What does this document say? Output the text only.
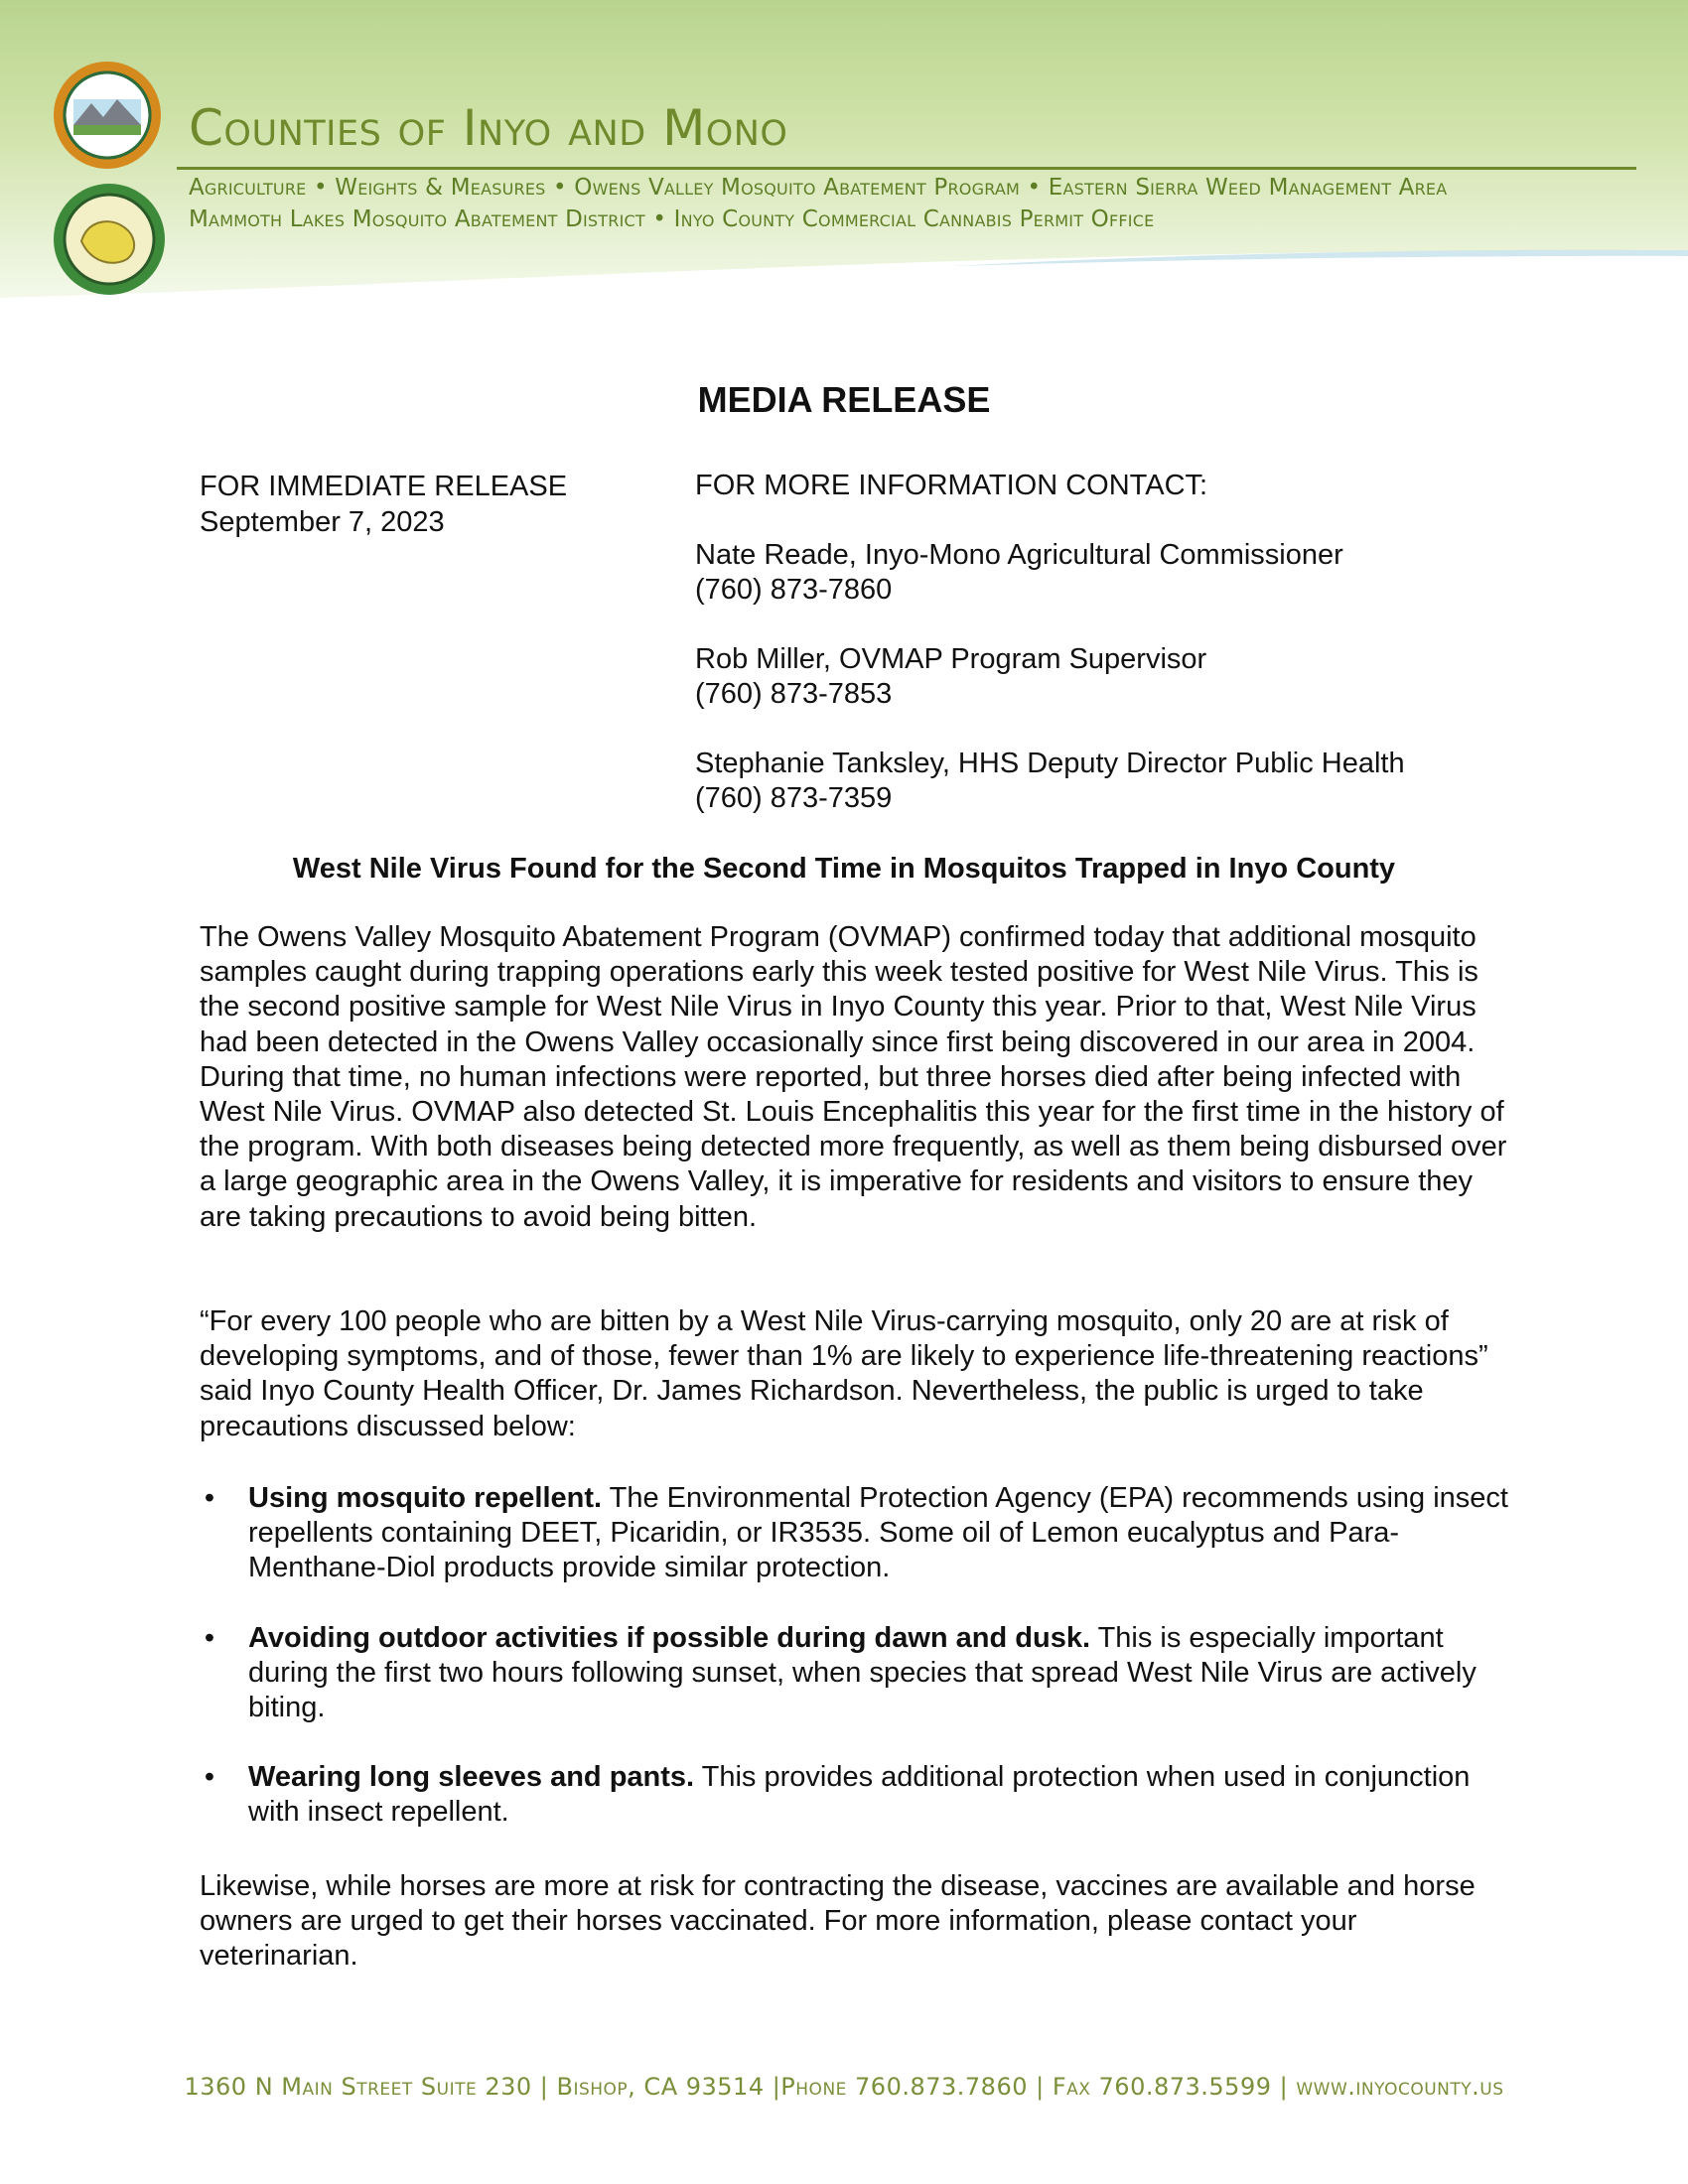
Counties of Inyo and Mono
Agriculture • Weights & Measures • Owens Valley Mosquito Abatement Program • Eastern Sierra Weed Management Area
Mammoth Lakes Mosquito Abatement District • Inyo County Commercial Cannabis Permit Office
MEDIA RELEASE
FOR IMMEDIATE RELEASE
September 7, 2023
FOR MORE INFORMATION CONTACT:
Nate Reade, Inyo-Mono Agricultural Commissioner
(760) 873-7860
Rob Miller, OVMAP Program Supervisor
(760) 873-7853
Stephanie Tanksley, HHS Deputy Director Public Health
(760) 873-7359
West Nile Virus Found for the Second Time in Mosquitos Trapped in Inyo County
The Owens Valley Mosquito Abatement Program (OVMAP) confirmed today that additional mosquito samples caught during trapping operations early this week tested positive for West Nile Virus. This is the second positive sample for West Nile Virus in Inyo County this year. Prior to that, West Nile Virus had been detected in the Owens Valley occasionally since first being discovered in our area in 2004. During that time, no human infections were reported, but three horses died after being infected with West Nile Virus. OVMAP also detected St. Louis Encephalitis this year for the first time in the history of the program. With both diseases being detected more frequently, as well as them being disbursed over a large geographic area in the Owens Valley, it is imperative for residents and visitors to ensure they are taking precautions to avoid being bitten.
“For every 100 people who are bitten by a West Nile Virus-carrying mosquito, only 20 are at risk of developing symptoms, and of those, fewer than 1% are likely to experience life-threatening reactions” said Inyo County Health Officer, Dr. James Richardson. Nevertheless, the public is urged to take precautions discussed below:
• Using mosquito repellent. The Environmental Protection Agency (EPA) recommends using insect repellents containing DEET, Picaridin, or IR3535. Some oil of Lemon eucalyptus and Para-Menthane-Diol products provide similar protection.
• Avoiding outdoor activities if possible during dawn and dusk. This is especially important during the first two hours following sunset, when species that spread West Nile Virus are actively biting.
• Wearing long sleeves and pants. This provides additional protection when used in conjunction with insect repellent.
Likewise, while horses are more at risk for contracting the disease, vaccines are available and horse owners are urged to get their horses vaccinated. For more information, please contact your veterinarian.
1360 N Main Street Suite 230 | Bishop, CA 93514 |Phone 760.873.7860 | Fax 760.873.5599 | www.inyocounty.us
